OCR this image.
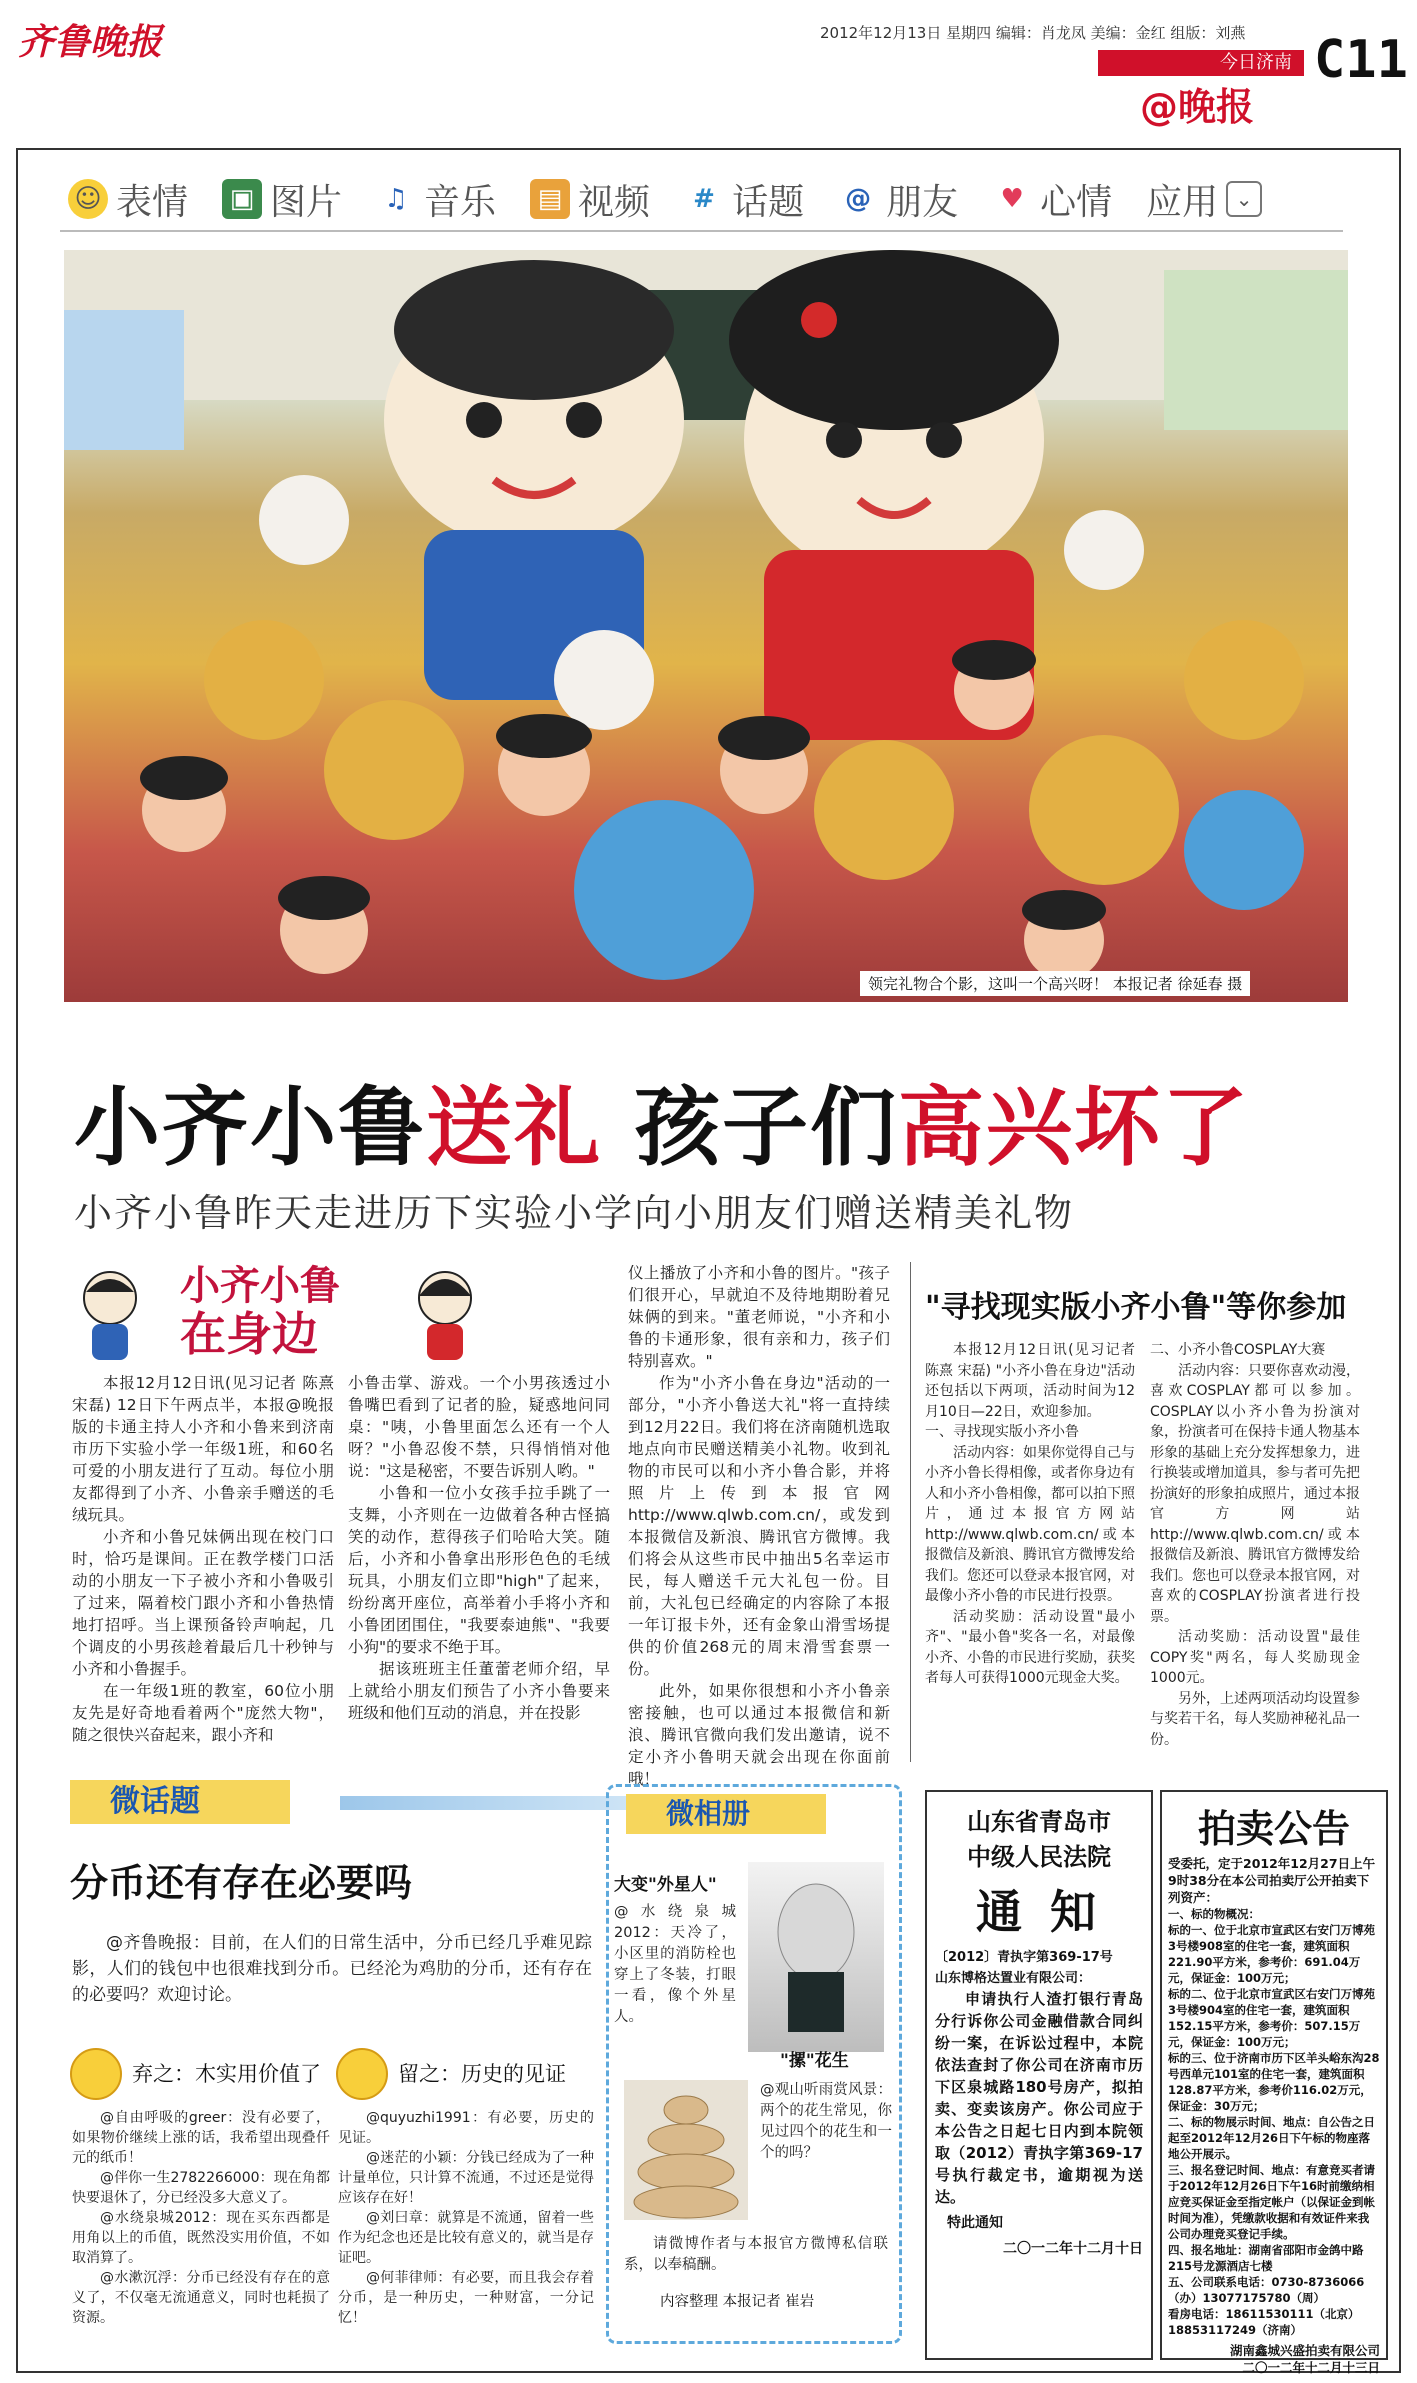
齐鲁晚报	2012年12月13日 星期四 编辑：肖龙凤 美编：金红 组版：刘燕
今日济南
@晚报
C11
☺ 表情 ▣ 图片	♫ 音乐 ▤ 视频	# 话题 @ 朋友	♥ 心情 应用 ⌄
领完礼物合个影，这叫一个高兴呀！ 本报记者 徐延春 摄
小齐小鲁送礼 孩子们高兴坏了
小齐小鲁昨天走进历下实验小学向小朋友们赠送精美礼物
小齐小鲁
在身边

本报12月12日讯(见习记者 陈熹 宋磊) 12日下午两点半，本报@晚报版的卡通主持人小齐和小鲁来到济南市历下实验小学一年级1班，和60名可爱的小朋友进行了互动。每位小朋友都得到了小齐、小鲁亲手赠送的毛绒玩具。

小齐和小鲁兄妹俩出现在校门口时，恰巧是课间。正在教学楼门口活动的小朋友一下子被小齐和小鲁吸引了过来，隔着校门跟小齐和小鲁热情地打招呼。当上课预备铃声响起，几个调皮的小男孩趁着最后几十秒钟与小齐和小鲁握手。

在一年级1班的教室，60位小朋友先是好奇地看着两个"庞然大物"，随之很快兴奋起来，跟小齐和

小鲁击掌、游戏。一个小男孩透过小鲁嘴巴看到了记者的脸，疑惑地问同桌："咦，小鲁里面怎么还有一个人呀？"小鲁忍俊不禁，只得悄悄对他说："这是秘密，不要告诉别人哟。"

小鲁和一位小女孩手拉手跳了一支舞，小齐则在一边做着各种古怪搞笑的动作，惹得孩子们哈哈大笑。随后，小齐和小鲁拿出形形色色的毛绒玩具，小朋友们立即"high"了起来，纷纷离开座位，高举着小手将小齐和小鲁团团围住，"我要泰迪熊"、"我要小狗"的要求不绝于耳。

据该班班主任董蕾老师介绍，早上就给小朋友们预告了小齐小鲁要来班级和他们互动的消息，并在投影

仪上播放了小齐和小鲁的图片。"孩子们很开心，早就迫不及待地期盼着兄妹俩的到来。"董老师说，"小齐和小鲁的卡通形象，很有亲和力，孩子们特别喜欢。"

作为"小齐小鲁在身边"活动的一部分，"小齐小鲁送大礼"将一直持续到12月22日。我们将在济南随机选取地点向市民赠送精美小礼物。收到礼物的市民可以和小齐小鲁合影，并将照片上传到本报官网http://www.qlwb.com.cn/，或发到本报微信及新浪、腾讯官方微博。我们将会从这些市民中抽出5名幸运市民，每人赠送千元大礼包一份。目前，大礼包已经确定的内容除了本报一年订报卡外，还有金象山滑雪场提供的价值268元的周末滑雪套票一份。

此外，如果你很想和小齐小鲁亲密接触，也可以通过本报微信和新浪、腾讯官微向我们发出邀请，说不定小齐小鲁明天就会出现在你面前哦！

"寻找现实版小齐小鲁"等你参加

本报12月12日讯(见习记者 陈熹 宋磊) "小齐小鲁在身边"活动还包括以下两项，活动时间为12月10日—22日，欢迎参加。

一、寻找现实版小齐小鲁

活动内容：如果你觉得自己与小齐小鲁长得相像，或者你身边有人和小齐小鲁相像，都可以拍下照片，通过本报官方网站http://www.qlwb.com.cn/或本报微信及新浪、腾讯官方微博发给我们。您还可以登录本报官网，对最像小齐小鲁的市民进行投票。

活动奖励：活动设置"最小齐"、"最小鲁"奖各一名，对最像小齐、小鲁的市民进行奖励，获奖者每人可获得1000元现金大奖。

二、小齐小鲁COSPLAY大赛

活动内容：只要你喜欢动漫，喜欢COSPLAY都可以参加。COSPLAY以小齐小鲁为扮演对象，扮演者可在保持卡通人物基本形象的基础上充分发挥想象力，进行换装或增加道具，参与者可先把扮演好的形象拍成照片，通过本报官方网站http://www.qlwb.com.cn/或本报微信及新浪、腾讯官方微博发给我们。您也可以登录本报官网，对喜欢的COSPLAY扮演者进行投票。

活动奖励：活动设置"最佳COPY奖"两名，每人奖励现金1000元。

另外，上述两项活动均设置参与奖若干名，每人奖励神秘礼品一份。

微话题
分币还有存在必要吗

@齐鲁晚报：目前，在人们的日常生活中，分币已经几乎难见踪影，人们的钱包中也很难找到分币。已经沦为鸡肋的分币，还有存在的必要吗？欢迎讨论。

弃之：木实用价值了	留之：历史的见证

@自由呼吸的greer：没有必要了，如果物价继续上涨的话，我希望出现叠仟元的纸币！

@伴你一生2782266000：现在角都快要退休了，分已经没多大意义了。

@水绕泉城2012：现在买东西都是用角以上的币值，既然没实用价值，不如取消算了。

@水漱沉浮：分币已经没有存在的意义了，不仅毫无流通意义，同时也耗损了资源。

@quyuzhi1991：有必要，历史的见证。

@迷茫的小颖：分钱已经成为了一种计量单位，只计算不流通，不过还是觉得应该存在好！

@刘曰章：就算是不流通，留着一些作为纪念也还是比较有意义的，就当是存证吧。

@何菲律师：有必要，而且我会存着分币，是一种历史，一种财富，一分记忆！

微相册
大变"外星人"

@水绕泉城2012：天冷了，小区里的消防栓也穿上了冬装，打眼一看，像个外星人。

"摞"花生

@观山听雨赏风景：两个的花生常见，你见过四个的花生和一个的吗？

请微博作者与本报官方微博私信联系，以奉稿酬。

内容整理 本报记者 崔岩
山东省青岛市
中级人民法院
通 知
〔2012〕青执字第369-17号
山东博格达置业有限公司：
申请执行人渣打银行青岛分行诉你公司金融借款合同纠纷一案，在诉讼过程中，本院依法查封了你公司在济南市历下区泉城路180号房产，拟拍卖、变卖该房产。你公司应于本公告之日起七日内到本院领取（2012）青执字第369-17号执行裁定书，逾期视为送达。
特此通知
二〇一二年十二月十日
拍卖公告
受委托，定于2012年12月27日上午9时38分在本公司拍卖厅公开拍卖下列资产：
一、标的物概况：
标的一、位于北京市宣武区右安门万博苑3号楼908室的住宅一套，建筑面积221.90平方米，参考价：691.04万元，保证金：100万元；
标的二、位于北京市宣武区右安门万博苑3号楼904室的住宅一套，建筑面积152.15平方米，参考价：507.15万元，保证金：100万元；
标的三、位于济南市历下区羊头峪东沟28号西单元101室的住宅一套，建筑面积128.87平方米，参考价116.02万元，保证金：30万元；
二、标的物展示时间、地点：自公告之日起至2012年12月26日下午标的物座落地公开展示。
三、报名登记时间、地点：有意竞买者请于2012年12月26日下午16时前缴纳相应竞买保证金至指定帐户（以保证金到帐时间为准），凭缴款收据和有效证件来我公司办理竞买登记手续。
四、报名地址：湖南省邵阳市金鸽中路215号龙源酒店七楼
五、公司联系电话：0730-8736066（办）13077175780（周）
看房电话：18611530111（北京）18853117249（济南）
湖南鑫城兴盛拍卖有限公司
二〇一二年十二月十三日
